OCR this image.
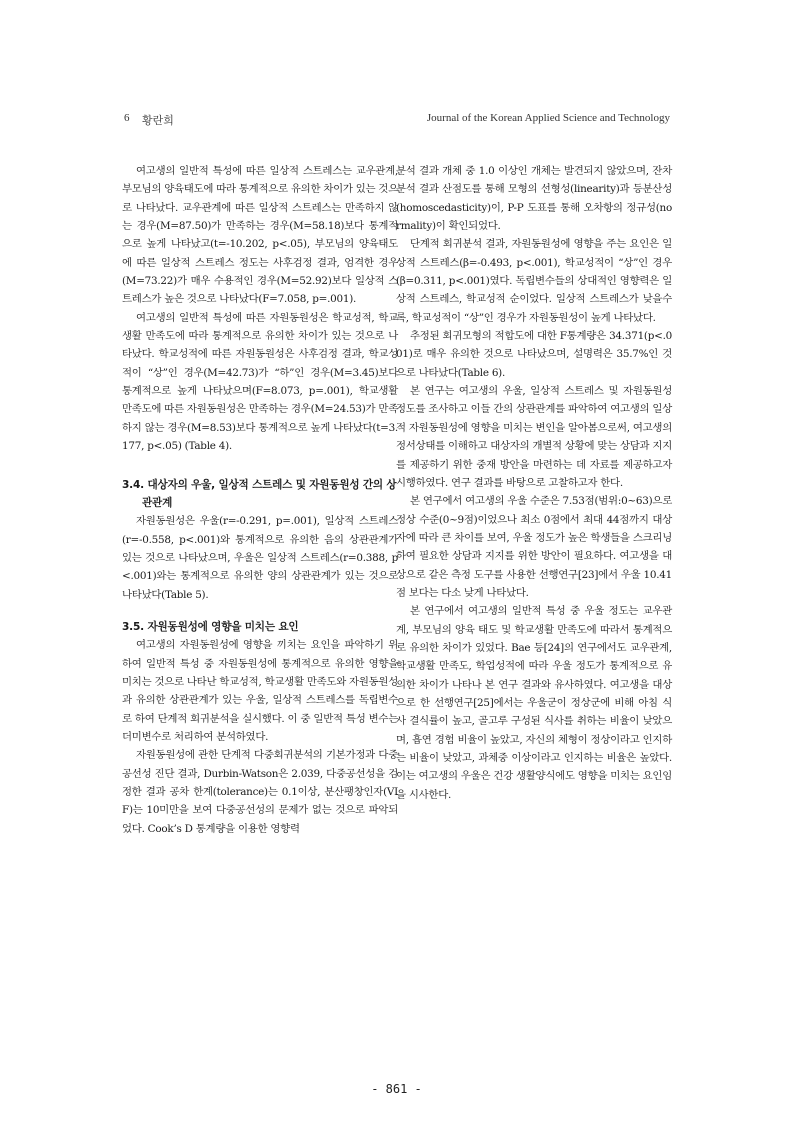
6 황란희	Journal of the Korean Applied Science and Technology

여고생의 일반적 특성에 따른 일상적 스트레스는 교우관계, 부모님의 양육태도에 따라 통계적으로 유의한 차이가 있는 것으로 나타났다. 교우관계에 따른 일상적 스트레스는 만족하지 않는 경우(M=87.50)가 만족하는 경우(M=58.18)보다 통계적으로 높게 나타났고(t=-10.202, p<.05), 부모님의 양육태도에 따른 일상적 스트레스 정도는 사후검정 결과, 엄격한 경우(M=73.22)가 매우 수용적인 경우(M=52.92)보다 일상적 스트레스가 높은 것으로 나타났다(F=7.058, p=.001).

여고생의 일반적 특성에 따른 자원동원성은 학교성적, 학교생활 만족도에 따라 통계적으로 유의한 차이가 있는 것으로 나타났다. 학교성적에 따른 자원동원성은 사후검정 결과, 학교성적이 “상”인 경우(M=42.73)가 “하”인 경우(M=3.45)보다 통계적으로 높게 나타났으며(F=8.073, p=.001), 학교생활 만족도에 따른 자원동원성은 만족하는 경우(M=24.53)가 만족하지 않는 경우(M=8.53)보다 통계적으로 높게 나타났다(t=3.177, p<.05) (Table 4).

3.4. 대상자의 우울, 일상적 스트레스 및 자원동원성 간의 상관관계

자원동원성은 우울(r=-0.291, p=.001), 일상적 스트레스(r=-0.558, p<.001)와 통계적으로 유의한 음의 상관관계가 있는 것으로 나타났으며, 우울은 일상적 스트레스(r=0.388, p<.001)와는 통계적으로 유의한 양의 상관관계가 있는 것으로 나타났다(Table 5).

3.5. 자원동원성에 영향을 미치는 요인

여고생의 자원동원성에 영향을 끼치는 요인을 파악하기 위하여 일반적 특성 중 자원동원성에 통계적으로 유의한 영향을 미치는 것으로 나타난 학교성적, 학교생활 만족도와 자원동원성과 유의한 상관관계가 있는 우울, 일상적 스트레스를 독립변수로 하여 단계적 회귀분석을 실시했다. 이 중 일반적 특성 변수는 더미변수로 처리하여 분석하였다.

자원동원성에 관한 단계적 다중회귀분석의 기본가정과 다중공선성 진단 결과, Durbin-Watson은 2.039, 다중공선성을 검정한 결과 공차 한계(tolerance)는 0.1이상, 분산팽창인자(VIF)는 10미만을 보여 다중공선성의 문제가 없는 것으로 파악되었다. Cook’s D 통계량을 이용한 영향력

분석 결과 개체 중 1.0 이상인 개체는 발견되지 않았으며, 잔차 분석 결과 산점도를 통해 모형의 선형성(linearity)과 등분산성(homoscedasticity)이, P-P 도표를 통해 오차항의 정규성(normality)이 확인되었다.

단계적 회귀분석 결과, 자원동원성에 영향을 주는 요인은 일상적 스트레스(β=-0.493, p<.001), 학교성적이 “상”인 경우(β=0.311, p<.001)였다. 독립변수들의 상대적인 영향력은 일상적 스트레스, 학교성적 순이었다. 일상적 스트레스가 낮을수록, 학교성적이 “상”인 경우가 자원동원성이 높게 나타났다.

추정된 회귀모형의 적합도에 대한 F통계량은 34.371(p<.001)로 매우 유의한 것으로 나타났으며, 설명력은 35.7%인 것으로 나타났다(Table 6).

본 연구는 여고생의 우울, 일상적 스트레스 및 자원동원성 정도를 조사하고 이들 간의 상관관계를 파악하여 여고생의 일상적 자원동원성에 영향을 미치는 변인을 알아봄으로써, 여고생의 정서상태를 이해하고 대상자의 개별적 상황에 맞는 상담과 지지를 제공하기 위한 중재 방안을 마련하는 데 자료를 제공하고자 시행하였다. 연구 결과를 바탕으로 고찰하고자 한다.

본 연구에서 여고생의 우울 수준은 7.53점(범위:0~63)으로 정상 수준(0~9점)이었으나 최소 0점에서 최대 44점까지 대상자에 따라 큰 차이를 보여, 우울 정도가 높은 학생들을 스크리닝하여 필요한 상담과 지지를 위한 방안이 필요하다. 여고생을 대상으로 같은 측정 도구를 사용한 선행연구[23]에서 우울 10.41점 보다는 다소 낮게 나타났다.

본 연구에서 여고생의 일반적 특성 중 우울 정도는 교우관계, 부모님의 양육 태도 및 학교생활 만족도에 따라서 통계적으로 유의한 차이가 있었다. Bae 등[24]의 연구에서도 교우관계, 학교생활 만족도, 학업성적에 따라 우울 정도가 통계적으로 유의한 차이가 나타나 본 연구 결과와 유사하였다. 여고생을 대상으로 한 선행연구[25]에서는 우울군이 정상군에 비해 아침 식사 결식률이 높고, 골고루 구성된 식사를 취하는 비율이 낮았으며, 흡연 경험 비율이 높았고, 자신의 체형이 정상이라고 인지하는 비율이 낮았고, 과체중 이상이라고 인지하는 비율은 높았다. 이는 여고생의 우울은 건강 생활양식에도 영향을 미치는 요인임을 시사한다.

- 861 -
